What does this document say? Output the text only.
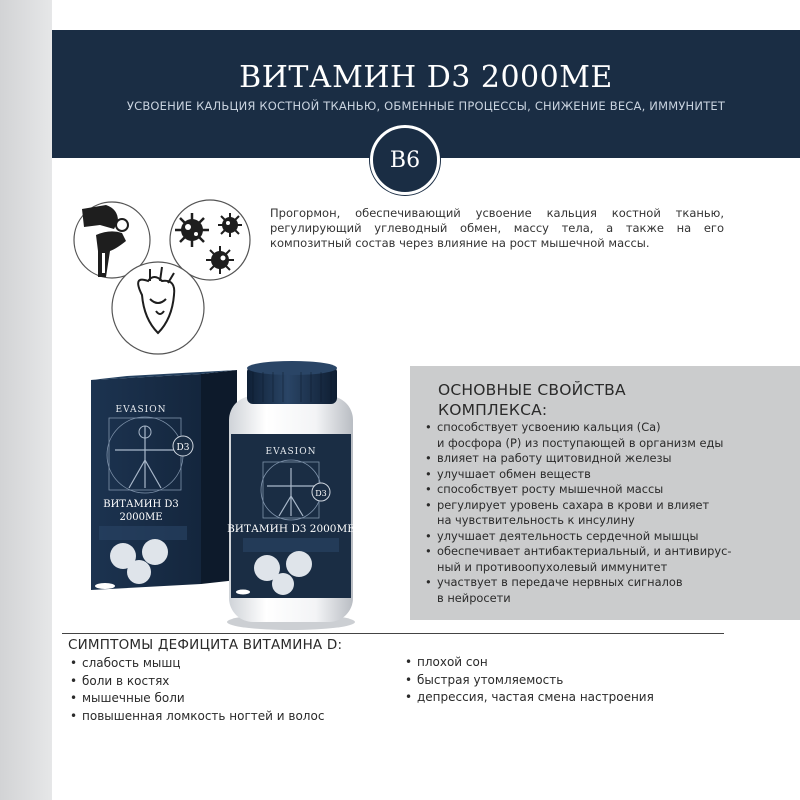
ВИТАМИН D3 2000МЕ

УСВОЕНИЕ КАЛЬЦИЯ КОСТНОЙ ТКАНЬЮ, ОБМЕННЫЕ ПРОЦЕССЫ, СНИЖЕНИЕ ВЕСА, ИММУНИТЕТ

B6

Прогормон, обеспечивающий усвоение кальция костной тканью, регулирующий углеводный обмен, массу тела, а также на его композитный состав через влияние на рост мышечной массы.

ОСНОВНЫЕ СВОЙСТВА
КОМПЛЕКСА:
• способствует усвоению кальция (Са)
и фосфора (Р) из поступающей в организм еды
• влияет на работу щитовидной железы
• улучшает обмен веществ
• способствует росту мышечной массы
• регулирует уровень сахара в крови и влияет
на чувствительность к инсулину
• улучшает деятельность сердечной мышцы
• обеспечивает антибактериальный, и антивирус-
ный и противоопухолевый иммунитет
• участвует в передаче нервных сигналов
в нейросети
D3
EVASION
ВИТАМИН D3
2000МЕ
EVASION
D3
ВИТАМИН D3 2000МЕ
СИМПТОМЫ ДЕФИЦИТА ВИТАМИНА D:
• слабость мышц
• боли в костях
• мышечные боли
• повышенная ломкость ногтей и волос
• плохой сон
• быстрая утомляемость
• депрессия, частая смена настроения
